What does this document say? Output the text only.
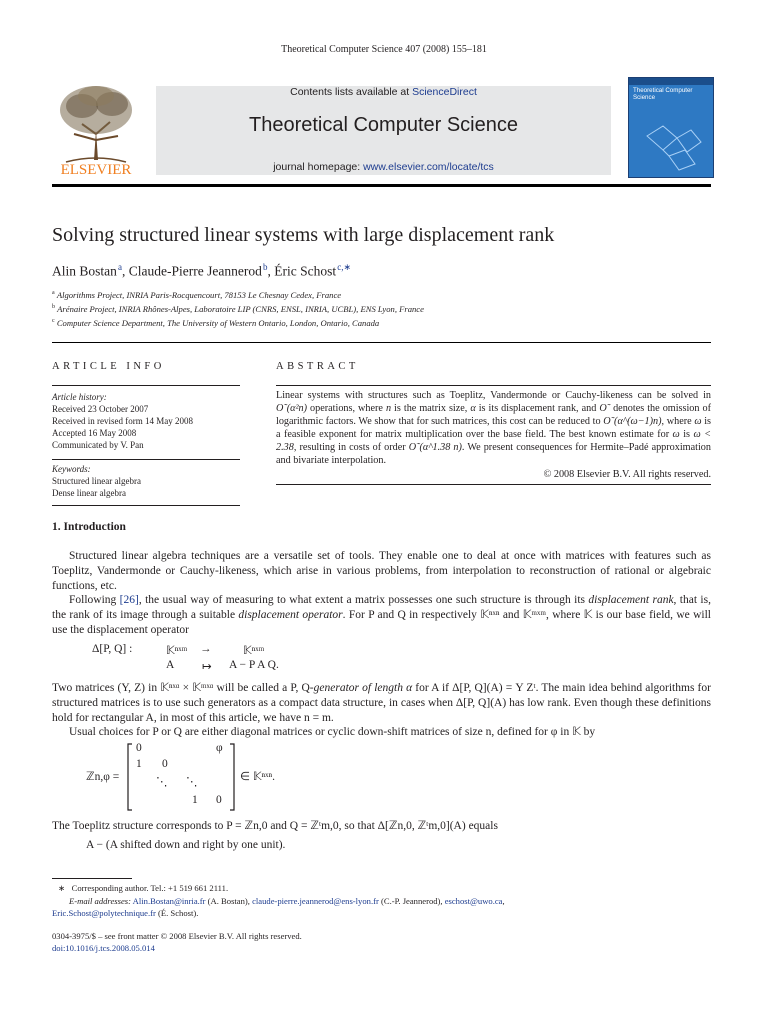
Theoretical Computer Science 407 (2008) 155–181
Contents lists available at ScienceDirect
Theoretical Computer Science
journal homepage: www.elsevier.com/locate/tcs
ELSEVIER
Theoretical Computer Science
Solving structured linear systems with large displacement rank
Alin Bostan $^a$, Claude-Pierre Jeannerod $^b$, Éric Schost $^{c,∗}$
$^a$ Algorithms Project, INRIA Paris-Rocquencourt, 78153 Le Chesnay Cedex, France
$^b$ Arénaire Project, INRIA Rhônes-Alpes, Laboratoire LIP (CNRS, ENSL, INRIA, UCBL), ENS Lyon, France
$^c$ Computer Science Department, The University of Western Ontario, London, Ontario, Canada
ARTICLE INFO
Article history:
Received 23 October 2007
Received in revised form 14 May 2008
Accepted 16 May 2008
Communicated by V. Pan
Keywords:
Structured linear algebra
Dense linear algebra
ABSTRACT
Linear systems with structures such as Toeplitz, Vandermonde or Cauchy-likeness can be solved in O˜(α²n) operations, where n is the matrix size, α is its displacement rank, and O˜ denotes the omission of logarithmic factors. We show that for such matrices, this cost can be reduced to O˜(α^(ω−1)n), where ω is a feasible exponent for matrix multiplication over the base field. The best known estimate for ω is ω < 2.38, resulting in costs of order O˜(α^1.38 n). We present consequences for Hermite–Padé approximation and bivariate interpolation.
© 2008 Elsevier B.V. All rights reserved.
1. Introduction
Structured linear algebra techniques are a versatile set of tools. They enable one to deal at once with matrices with features such as Toeplitz, Vandermonde or Cauchy-likeness, which arise in various problems, from interpolation to reconstruction of rational or algebraic functions, etc.
Following [26], the usual way of measuring to what extent a matrix possesses one such structure is through its displacement rank, that is, the rank of its image through a suitable displacement operator. For P and Q in respectively 𝕂ⁿˣⁿ and 𝕂ᵐˣᵐ, where 𝕂 is our base field, we will use the displacement operator
Δ[P, Q] :	𝕂ⁿˣᵐ →	𝕂ⁿˣᵐ
A ↦ A − P A Q.
Two matrices (Y, Z) in 𝕂ⁿˣᵅ × 𝕂ᵐˣᵅ will be called a P, Q-generator of length α for A if Δ[P, Q](A) = Y Zᵗ. The main idea behind algorithms for structured matrices is to use such generators as a compact data structure, in cases when Δ[P, Q](A) has low rank. Even though these definitions hold for rectangular A, in most of this article, we have n = m.
Usual choices for P or Q are either diagonal matrices or cyclic down-shift matrices of size n, defined for φ in 𝕂 by
ℤn,φ =
0	φ
1 0
⋱ ⋱
1 0
∈ 𝕂ⁿˣⁿ.
The Toeplitz structure corresponds to P = ℤn,0 and Q = ℤᵗm,0, so that Δ[ℤn,0, ℤᵗm,0](A) equals
A − (A shifted down and right by one unit).
∗ Corresponding author. Tel.: +1 519 661 2111.
E-mail addresses: Alin.Bostan@inria.fr (A. Bostan), claude-pierre.jeannerod@ens-lyon.fr (C.-P. Jeannerod), eschost@uwo.ca,
Eric.Schost@polytechnique.fr (É. Schost).
0304-3975/$ – see front matter © 2008 Elsevier B.V. All rights reserved.
doi:10.1016/j.tcs.2008.05.014
